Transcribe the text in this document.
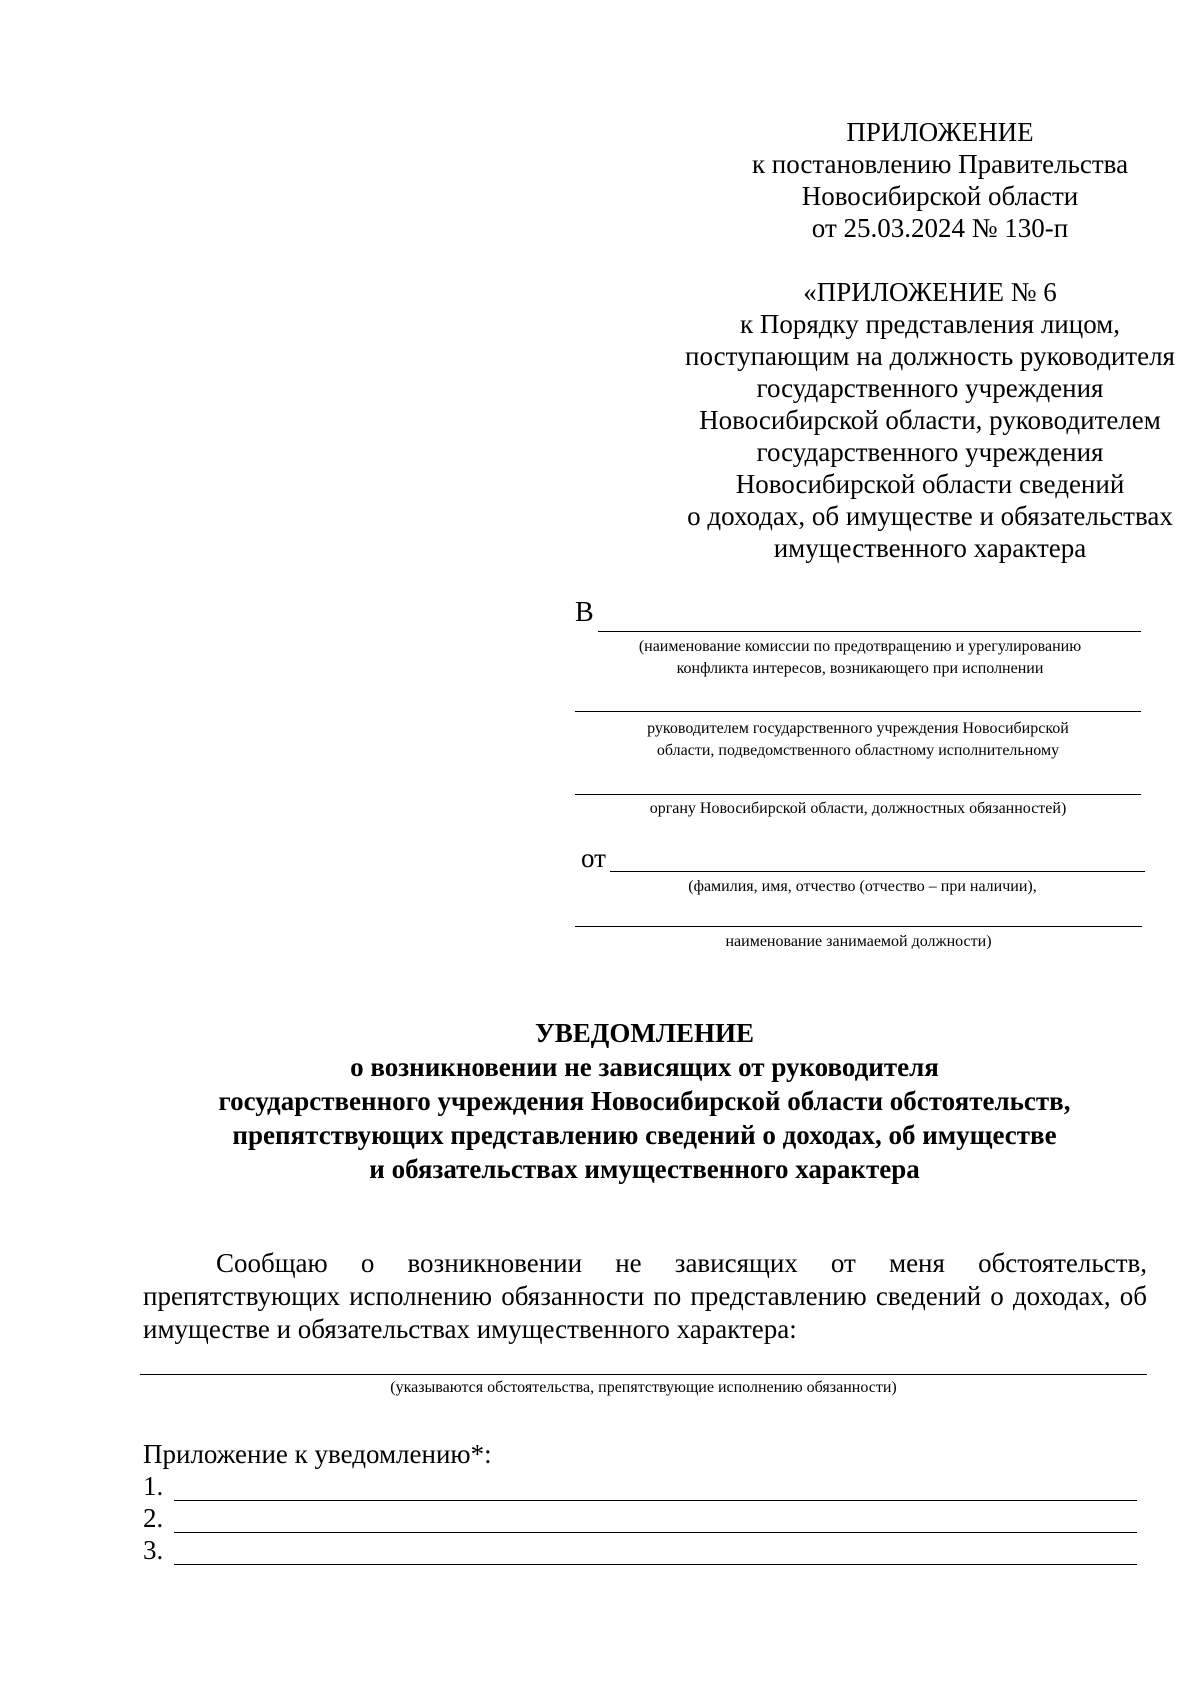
ПРИЛОЖЕНИЕ
к постановлению Правительства
Новосибирской области
от 25.03.2024 № 130-п
«ПРИЛОЖЕНИЕ № 6
к Порядку представления лицом,
поступающим на должность руководителя
государственного учреждения
Новосибирской области, руководителем
государственного учреждения
Новосибирской области сведений
о доходах, об имуществе и обязательствах
имущественного характера
В
(наименование комиссии по предотвращению и урегулированию
конфликта интересов, возникающего при исполнении
руководителем государственного учреждения Новосибирской
области, подведомственного областному исполнительному
органу Новосибирской области, должностных обязанностей)
от
(фамилия, имя, отчество (отчество – при наличии),
наименование занимаемой должности)
УВЕДОМЛЕНИЕ
о возникновении не зависящих от руководителя
государственного учреждения Новосибирской области обстоятельств,
препятствующих представлению сведений о доходах, об имуществе
и обязательствах имущественного характера
Сообщаю о возникновении не зависящих от меня обстоятельств,
препятствующих исполнению обязанности по представлению сведений о доходах, об имуществе и обязательствах имущественного характера:
(указываются обстоятельства, препятствующие исполнению обязанности)
Приложение к уведомлению*:
1.
2.
3.
